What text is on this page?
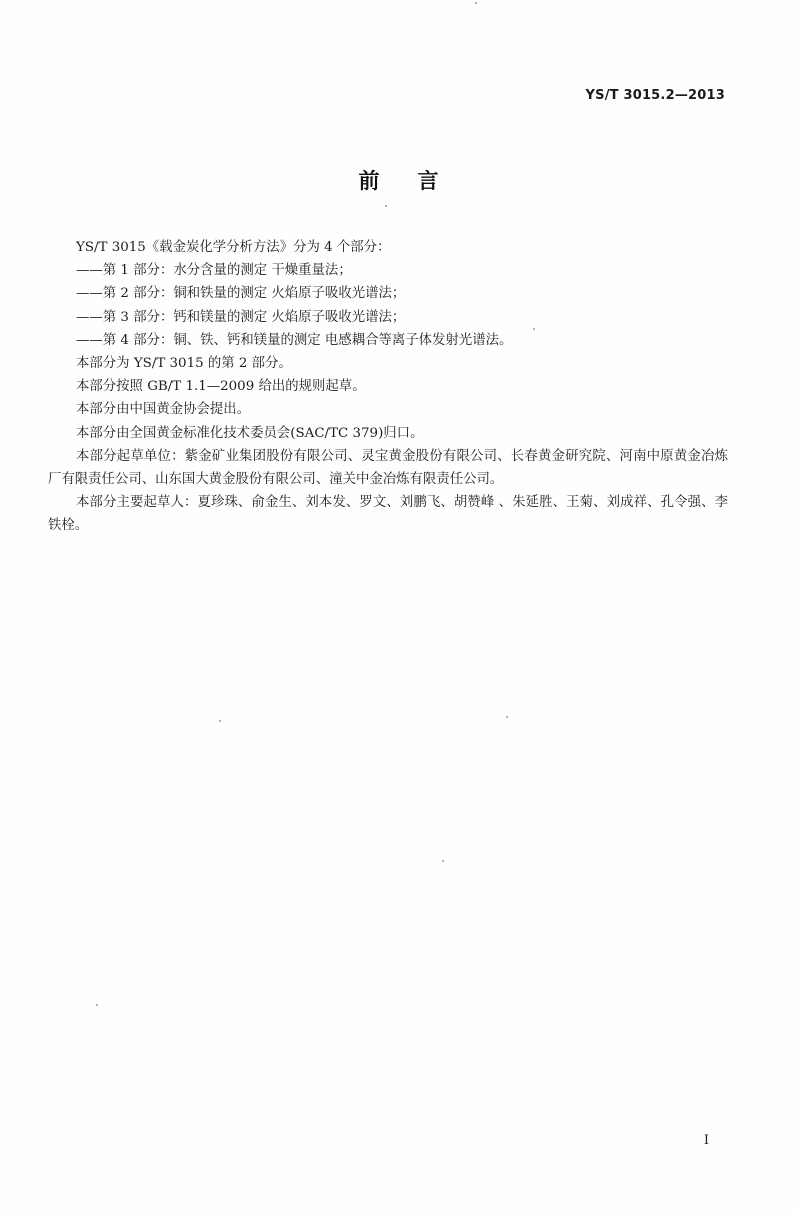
YS/T 3015.2—2013
前言

YS/T 3015《载金炭化学分析方法》分为 4 个部分：

——第 1 部分：水分含量的测定 干燥重量法；

——第 2 部分：铜和铁量的测定 火焰原子吸收光谱法；

——第 3 部分：钙和镁量的测定 火焰原子吸收光谱法；

——第 4 部分：铜、铁、钙和镁量的测定 电感耦合等离子体发射光谱法。

本部分为 YS/T 3015 的第 2 部分。

本部分按照 GB/T 1.1—2009 给出的规则起草。

本部分由中国黄金协会提出。

本部分由全国黄金标准化技术委员会(SAC/TC 379)归口。

本部分起草单位：紫金矿业集团股份有限公司、灵宝黄金股份有限公司、长春黄金研究院、河南中原黄金冶炼厂有限责任公司、山东国大黄金股份有限公司、潼关中金冶炼有限责任公司。

本部分主要起草人：夏珍珠、俞金生、刘本发、罗文、刘鹏飞、胡赞峰 、朱延胜、王菊、刘成祥、孔令强、李铁栓。

I
